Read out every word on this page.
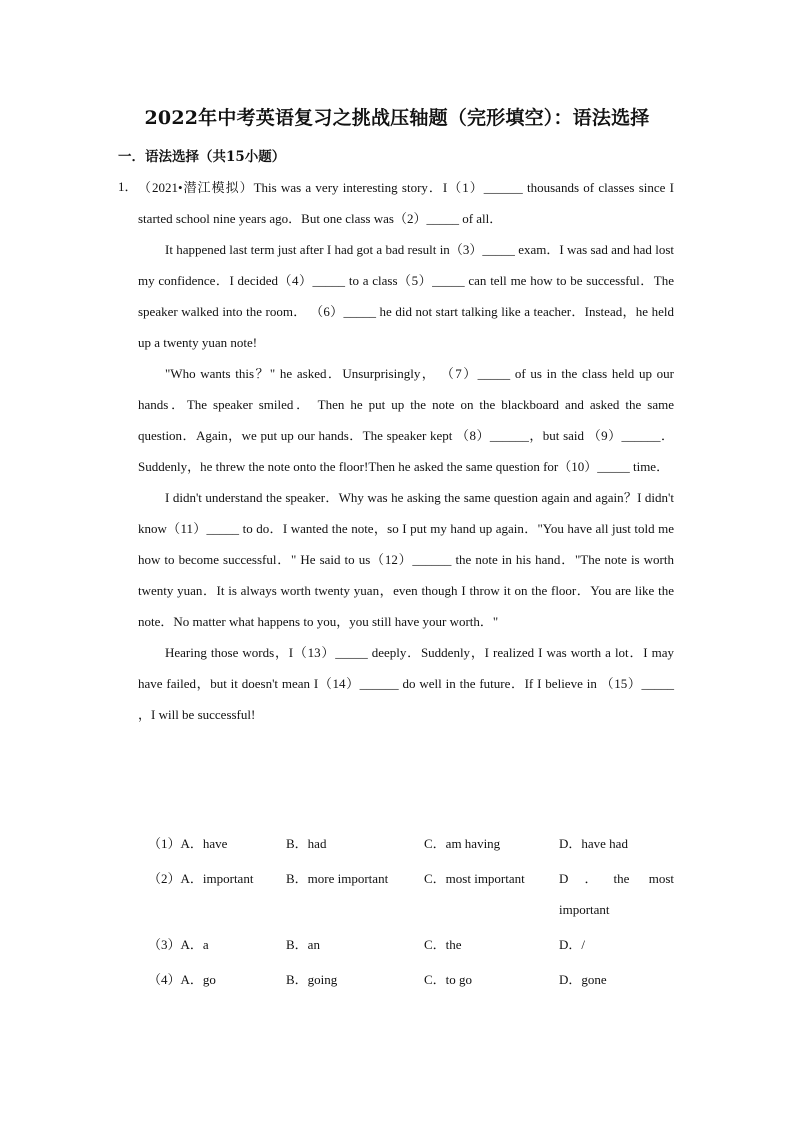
2022年中考英语复习之挑战压轴题（完形填空）：语法选择
一．语法选择（共15小题）
1． （2021•潜江模拟）This was a very interesting story．I（1）______ thousands of classes since I started school nine years ago．But one class was（2）_____ of all．

It happened last term just after I had got a bad result in（3）_____ exam．I was sad and had lost my confidence．I decided（4）_____ to a class（5）_____ can tell me how to be successful．The speaker walked into the room． （6）_____ he did not start talking like a teacher．Instead，he held up a twenty yuan note!

"Who wants this？" he asked．Unsurprisingly， （7）_____ of us in the class held up our hands．The speaker smiled． Then he put up the note on the blackboard and asked the same question．Again，we put up our hands．The speaker kept （8）______，but said （9）______．Suddenly，he threw the note onto the floor!Then he asked the same question for（10）_____ time．

I didn't understand the speaker．Why was he asking the same question again and again？I didn't know（11）_____ to do．I wanted the note，so I put my hand up again．"You have all just told me how to become successful．" He said to us（12）______ the note in his hand．"The note is worth twenty yuan．It is always worth twenty yuan，even though I throw it on the floor．You are like the note．No matter what happens to you，you still have your worth．"

Hearing those words，I（13）_____ deeply．Suddenly，I realized I was worth a lot．I may have failed，but it doesn't mean I（14）______ do well in the future．If I believe in （15）_____ ，I will be successful!

（1）A．have	B．had	C．am having	D．have had
（2）A．important	B．more important	C．most important	D．the most important
（3）A．a	B．an	C．the	D．/
（4）A．go	B．going	C．to go	D．gone
